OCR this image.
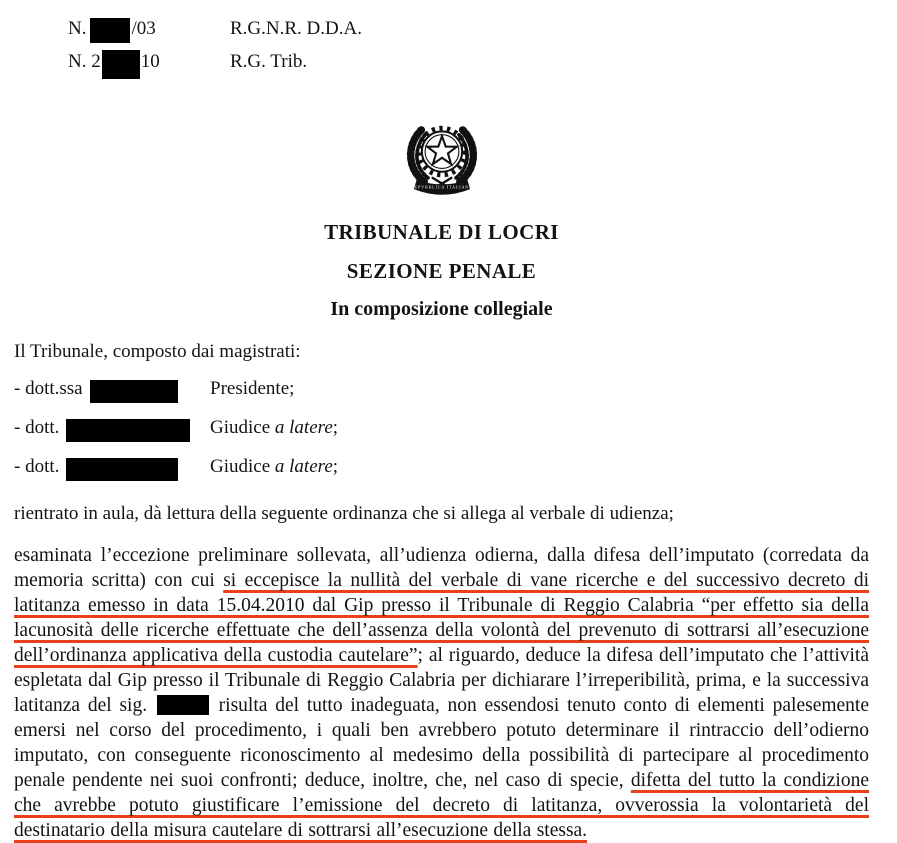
N. /03	R.G.N.R. D.D.A.
N. 2 10	R.G. Trib.
REPVBBLICA ITALIANA
TRIBUNALE DI LOCRI
SEZIONE PENALE
In composizione collegiale
Il Tribunale, composto dai magistrati:
- dott.ssa	Presidente;
- dott.	Giudice a latere;
- dott.	Giudice a latere;
rientrato in aula, dà lettura della seguente ordinanza che si allega al verbale di udienza;

esaminata l’eccezione preliminare sollevata, all’udienza odierna, dalla difesa dell’imputato (corredata da memoria scritta) con cui si eccepisce la nullità del verbale di vane ricerche e del successivo decreto di latitanza emesso in data 15.04.2010 dal Gip presso il Tribunale di Reggio Calabria “per effetto sia della lacunosità delle ricerche effettuate che dell’assenza della volontà del prevenuto di sottrarsi all’esecuzione dell’ordinanza applicativa della custodia cautelare”; al riguardo, deduce la difesa dell’imputato che l’attività espletata dal Gip presso il Tribunale di Reggio Calabria per dichiarare l’irreperibilità, prima, e la successiva latitanza del sig.	risulta del tutto inadeguata, non essendosi tenuto conto di elementi palesemente emersi nel corso del procedimento, i quali ben avrebbero potuto determinare il rintraccio dell’odierno imputato, con conseguente riconoscimento al medesimo della possibilità di partecipare al procedimento penale pendente nei suoi confronti; deduce, inoltre, che, nel caso di specie, difetta del tutto la condizione che avrebbe potuto giustificare l’emissione del decreto di latitanza, ovverossia la volontarietà del destinatario della misura cautelare di sottrarsi all’esecuzione della stessa.
